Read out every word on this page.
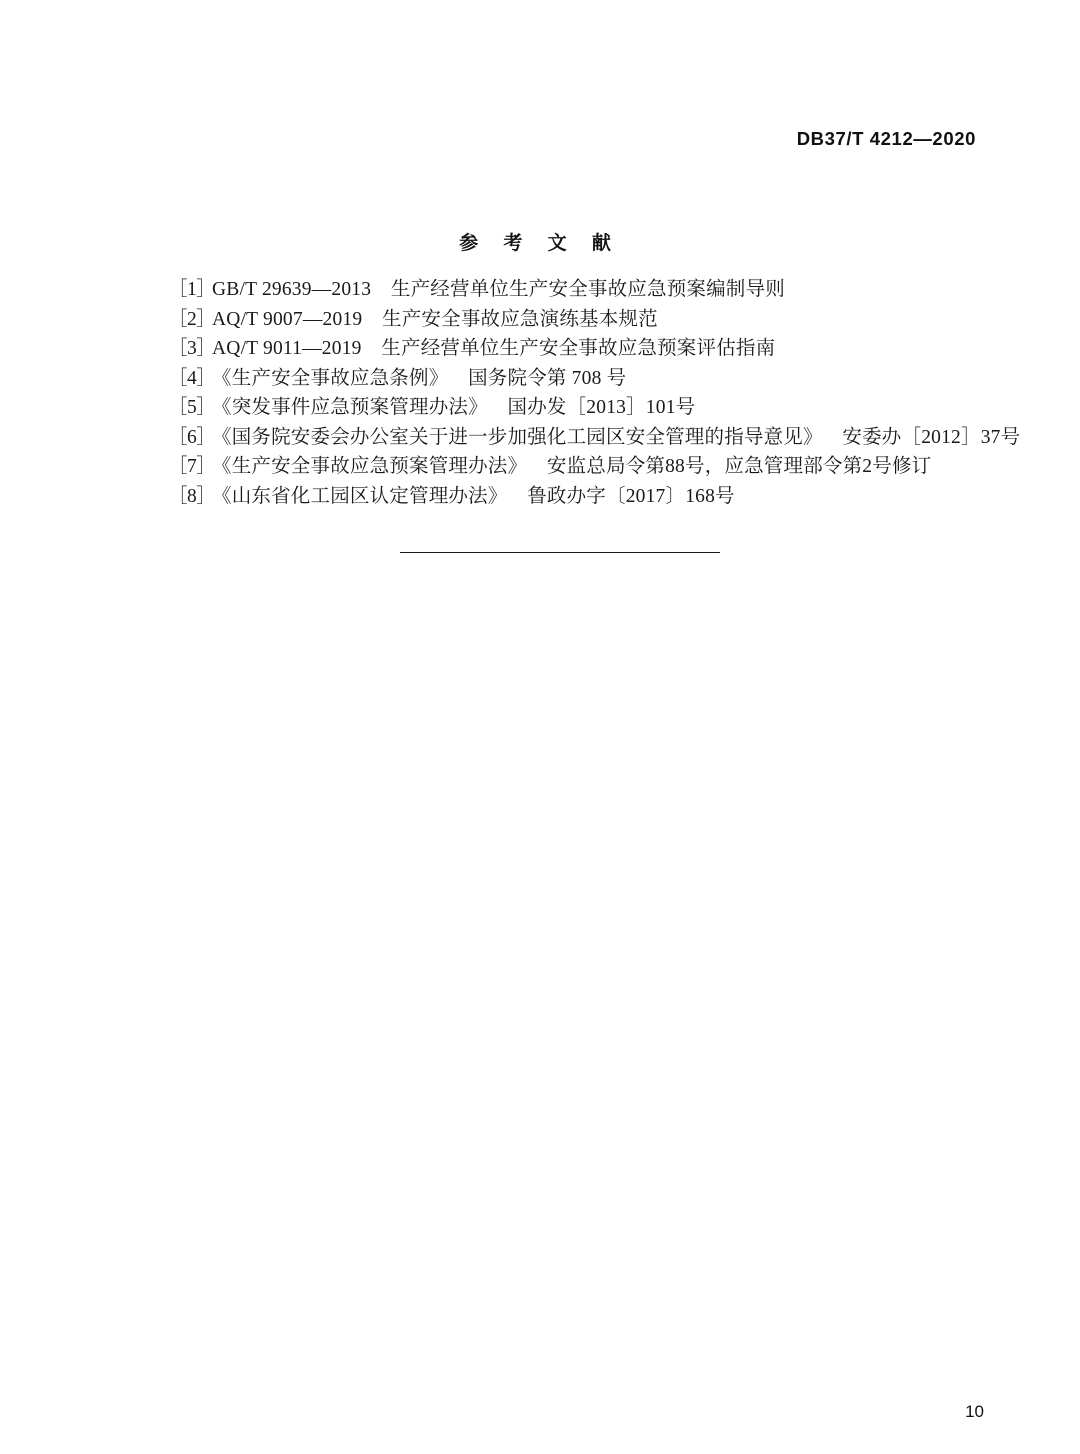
DB37/T 4212—2020
参 考 文 献
［1］
GB/T 29639—2013 生产经营单位生产安全事故应急预案编制导则
［2］
AQ/T 9007—2019 生产安全事故应急演练基本规范
［3］
AQ/T 9011—2019 生产经营单位生产安全事故应急预案评估指南
［4］
《生产安全事故应急条例》 国务院令第 708 号
［5］
《突发事件应急预案管理办法》 国办发［2013］101号
［6］
《国务院安委会办公室关于进一步加强化工园区安全管理的指导意见》 安委办［2012］37号
［7］
《生产安全事故应急预案管理办法》 安监总局令第88号，应急管理部令第2号修订
［8］
《山东省化工园区认定管理办法》 鲁政办字〔2017〕168号
10
